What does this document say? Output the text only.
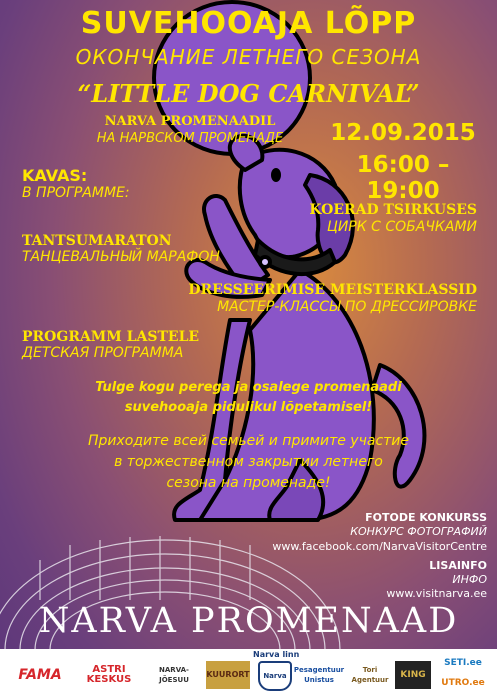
SUVEHOOAJA LÕPP
ОКОНЧАНИЕ ЛЕТНЕГО СЕЗОНА
“LITTLE DOG CARNIVAL”
NARVA PROMENAADIL
НА НАРВСКОМ ПРОМЕНАДЕ	12.09.2015
16:00 – 19:00
KAVAS:
В ПРОГРАММЕ:
KOERAD TSIRKUSES
ЦИРК С СОБАЧКАМИ
TANTSUMARATON
ТАНЦЕВАЛЬНЫЙ МАРАФОН
DRESSEERIMISE MEISTERKLASSID
МАСТЕР-КЛАССЫ ПО ДРЕССИРОВКЕ
PROGRAMM LASTELE
ДЕТСКАЯ ПРОГРАММА
Tulge kogu perega ja osalege promenaadi
suvehooaja pidulikul lõpetamisel!
Приходите всей семьей и примите участие
в торжественном закрытии летнего
сезона на променаде!
FOTODE KONKURSS
КОНКУРС ФОТОГРАФИЙ
www.facebook.com/NarvaVisitorCentre
LISAINFO
ИНФО
www.visitnarva.ee
NARVA PROMENAAD
Narva linn
FAMA	ASTRI KESKUS
NARVA-JÕESUU
KUURORT	Narva
Pesagentuur Unistus
Tori Agentuur	KING
SETI.ee
UTRO.ee
